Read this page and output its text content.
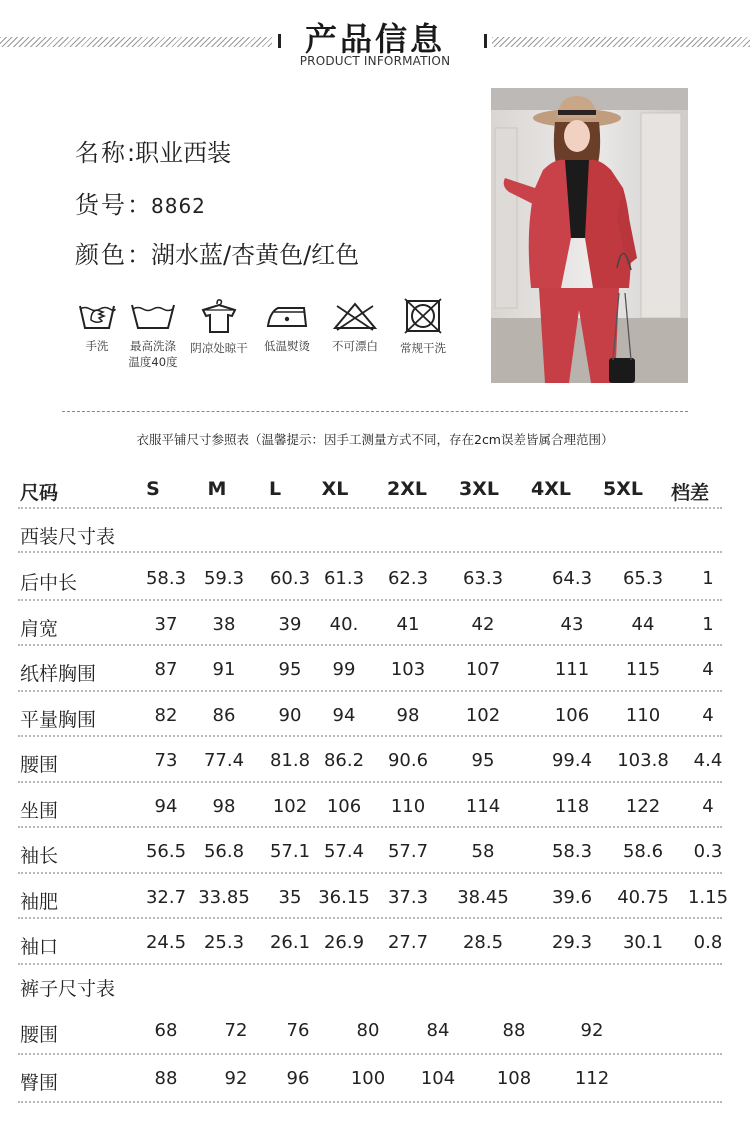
产品信息
PRODUCT INFORMATION
名称:职业西装
货号：8862
颜色：湖水蓝/杏黄色/红色
手洗	最高洗涤
温度40度
阴凉处晾干	低温熨烫	不可漂白	常规干洗
衣服平铺尺寸参照表（温馨提示：因手工测量方式不同，存在2cm误差皆属合理范围）
尺码	S	M L XL 2XL 3XL 4XL 5XL 档差
西装尺寸表
后中长	58.3 59.3 60.3 61.3 62.3 63.3	64.3 65.3 1
肩宽	37 38 39 40. 41	42	43	44	1
纸样胸围	87 91 95 99 103 107	111 115 4
平量胸围	82 86 90 94 98	102	106 110 4
腰围	73 77.4 81.8 86.2 90.6 95	99.4 103.8 4.4
坐围	94 98 102 106 110 114	118 122 4
袖长	56.5 56.8 57.1 57.4 57.7 58	58.3 58.6 0.3
袖肥	32.7 33.85 35 36.15 37.3 38.45 39.6 40.75 1.15
袖口	24.5 25.3 26.1 26.9 27.7 28.5	29.3 30.1 0.8
裤子尺寸表
腰围	68	72 76	80	84	88	92
臀围	88	92 96 100 104 108 112
